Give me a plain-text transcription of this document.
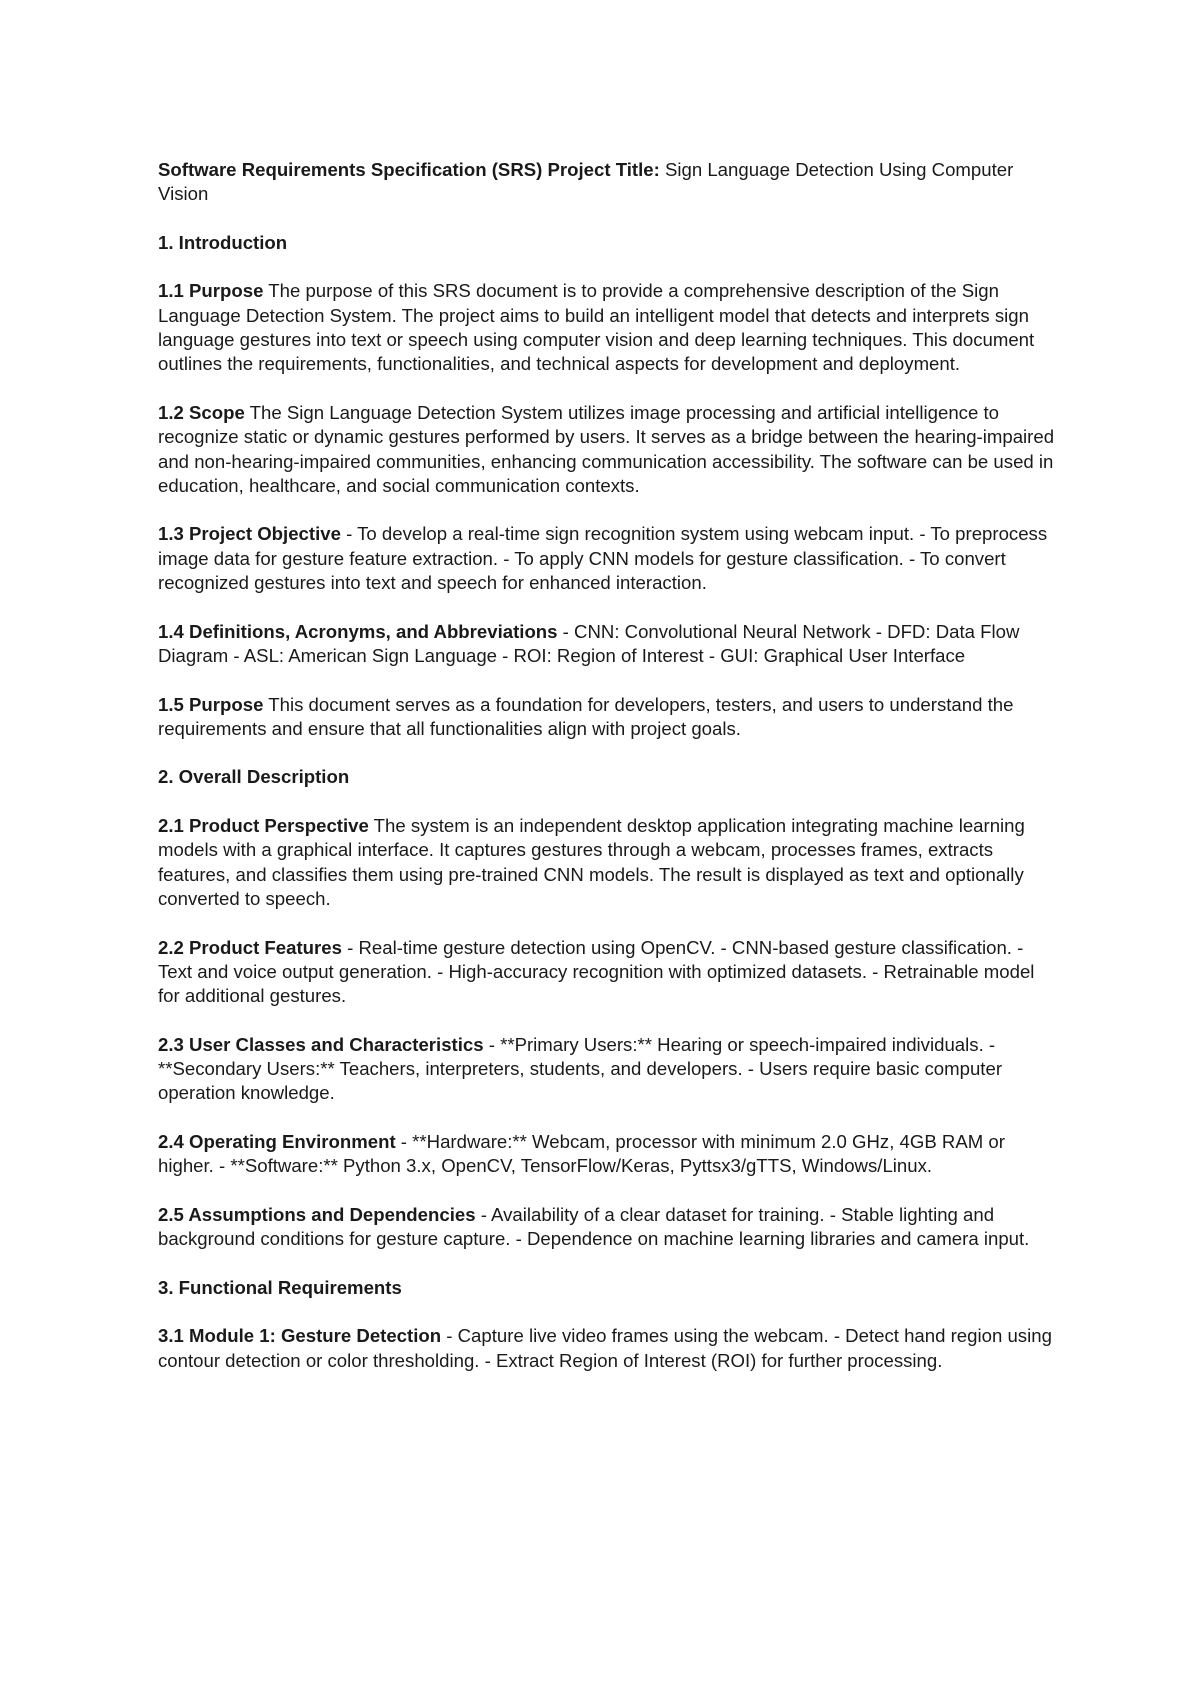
Software Requirements Specification (SRS) Project Title: Sign Language Detection Using Computer Vision

1. Introduction

1.1 Purpose The purpose of this SRS document is to provide a comprehensive description of the Sign Language Detection System. The project aims to build an intelligent model that detects and interprets sign language gestures into text or speech using computer vision and deep learning techniques. This document outlines the requirements, functionalities, and technical aspects for development and deployment.

1.2 Scope The Sign Language Detection System utilizes image processing and artificial intelligence to recognize static or dynamic gestures performed by users. It serves as a bridge between the hearing-impaired and non-hearing-impaired communities, enhancing communication accessibility. The software can be used in education, healthcare, and social communication contexts.

1.3 Project Objective - To develop a real-time sign recognition system using webcam input. - To preprocess image data for gesture feature extraction. - To apply CNN models for gesture classification. - To convert recognized gestures into text and speech for enhanced interaction.

1.4 Definitions, Acronyms, and Abbreviations - CNN: Convolutional Neural Network - DFD: Data Flow Diagram - ASL: American Sign Language - ROI: Region of Interest - GUI: Graphical User Interface

1.5 Purpose This document serves as a foundation for developers, testers, and users to understand the requirements and ensure that all functionalities align with project goals.

2. Overall Description

2.1 Product Perspective The system is an independent desktop application integrating machine learning models with a graphical interface. It captures gestures through a webcam, processes frames, extracts features, and classifies them using pre-trained CNN models. The result is displayed as text and optionally converted to speech.

2.2 Product Features - Real-time gesture detection using OpenCV. - CNN-based gesture classification. - Text and voice output generation. - High-accuracy recognition with optimized datasets. - Retrainable model for additional gestures.

2.3 User Classes and Characteristics - **Primary Users:** Hearing or speech-impaired individuals. - **Secondary Users:** Teachers, interpreters, students, and developers. - Users require basic computer operation knowledge.

2.4 Operating Environment - **Hardware:** Webcam, processor with minimum 2.0 GHz, 4GB RAM or higher. - **Software:** Python 3.x, OpenCV, TensorFlow/Keras, Pyttsx3/gTTS, Windows/Linux.

2.5 Assumptions and Dependencies - Availability of a clear dataset for training. - Stable lighting and background conditions for gesture capture. - Dependence on machine learning libraries and camera input.

3. Functional Requirements

3.1 Module 1: Gesture Detection - Capture live video frames using the webcam. - Detect hand region using contour detection or color thresholding. - Extract Region of Interest (ROI) for further processing.
